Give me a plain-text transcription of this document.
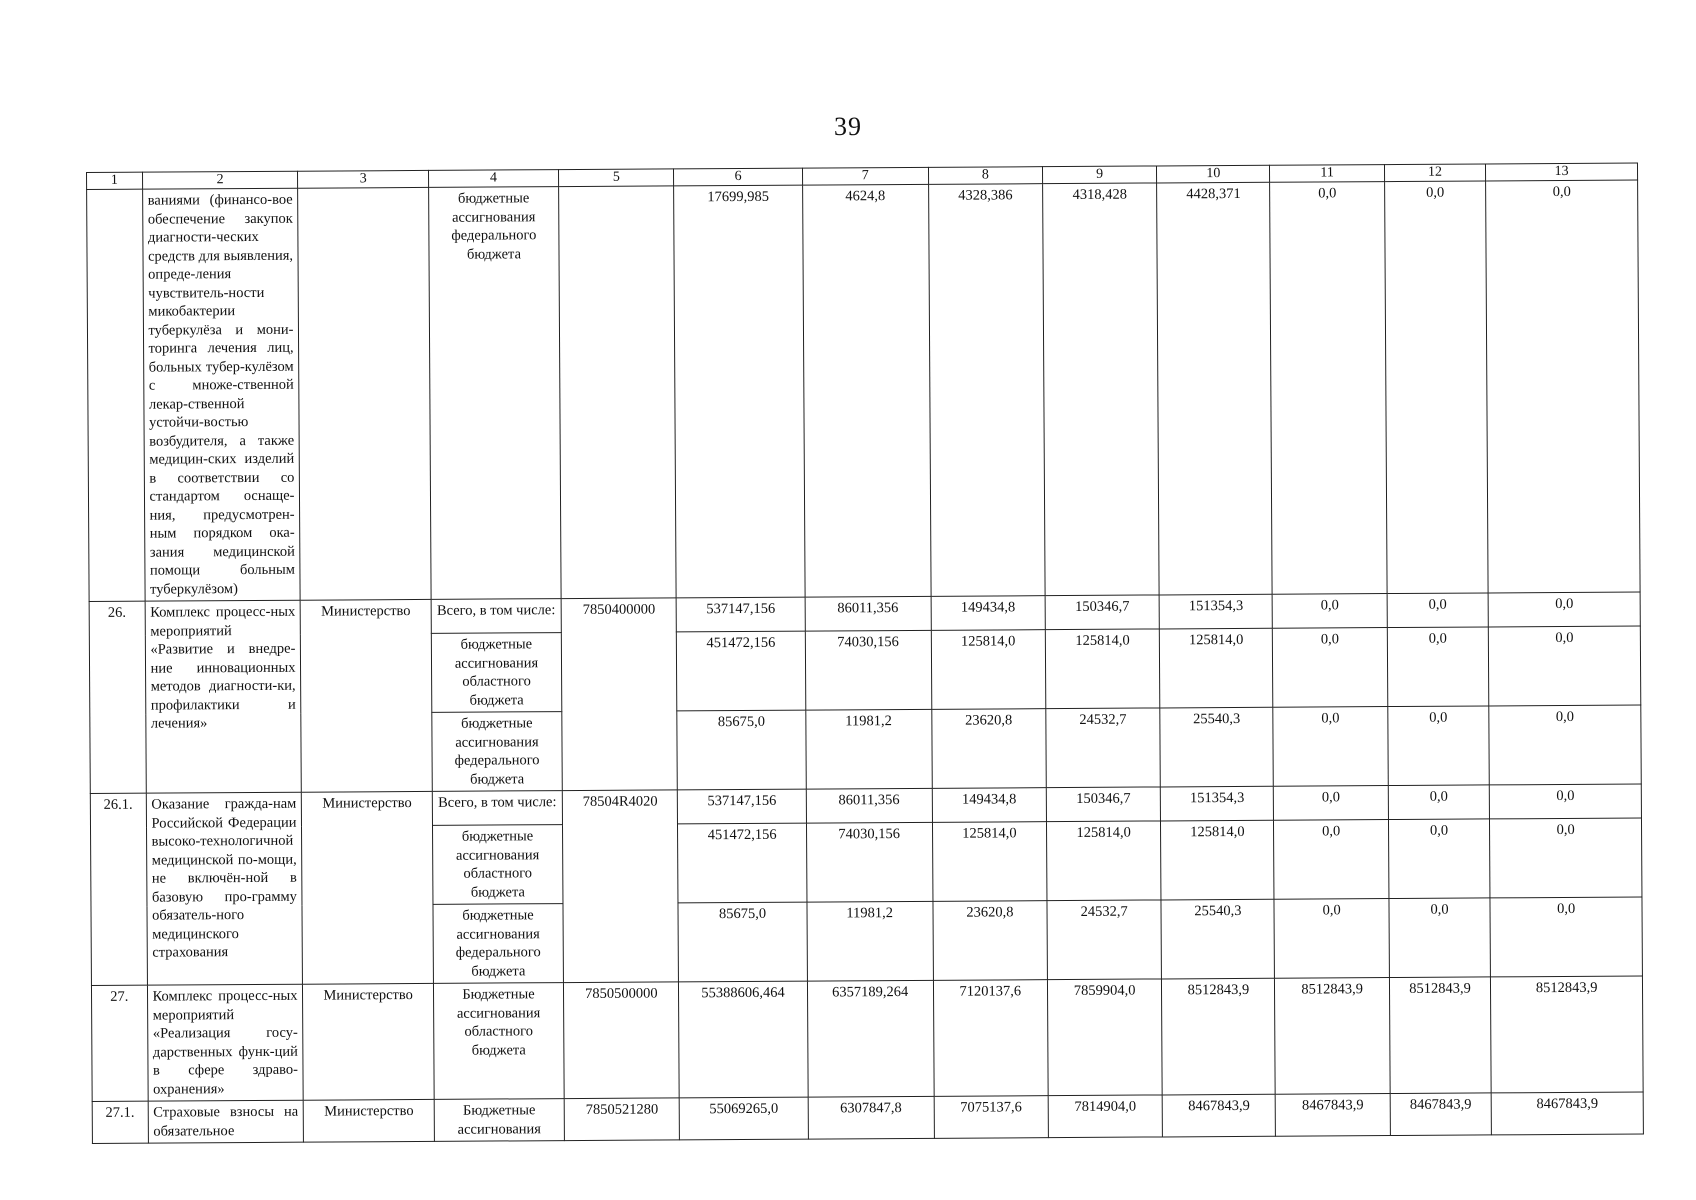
39
1	2	3	4	5	6	7	8	9	10	11	12	13
	ваниями (финансо-вое обеспечение закупок диагности-ческих средств для выявления, опреде-ления чувствитель-ности микобактерии туберкулёза и мони-торинга лечения лиц, больных тубер-кулёзом с множе-ственной лекар-ственной устойчи-востью возбудителя, а также медицин-ских изделий в соответствии со стандартом оснаще-ния, предусмотрен-ным порядком ока-зания медицинской помощи больным туберкулёзом)		бюджетные ассигнования федерального бюджета		17699,985	4624,8	4328,386	4318,428	4428,371	0,0	0,0	0,0
26.	Комплекс процесс-ных мероприятий «Развитие и внедре-ние инновационных методов диагности-ки, профилактики и лечения»	Министерство	Всего, в том числе:	7850400000	537147,156	86011,356	149434,8	150346,7	151354,3	0,0	0,0	0,0
			бюджетные ассигнования областного бюджета		451472,156	74030,156	125814,0	125814,0	125814,0	0,0	0,0	0,0
			бюджетные ассигнования федерального бюджета		85675,0	11981,2	23620,8	24532,7	25540,3	0,0	0,0	0,0
26.1.	Оказание гражда-нам Российской Федерации высоко-технологичной медицинской по-мощи, не включён-ной в базовую про-грамму обязатель-ного медицинского страхования	Министерство	Всего, в том числе:	78504R4020	537147,156	86011,356	149434,8	150346,7	151354,3	0,0	0,0	0,0
			бюджетные ассигнования областного бюджета		451472,156	74030,156	125814,0	125814,0	125814,0	0,0	0,0	0,0
			бюджетные ассигнования федерального бюджета		85675,0	11981,2	23620,8	24532,7	25540,3	0,0	0,0	0,0
27.	Комплекс процесс-ных мероприятий «Реализация госу-дарственных функ-ций в сфере здраво-охранения»	Министерство	Бюджетные ассигнования областного бюджета	7850500000	55388606,464	6357189,264	7120137,6	7859904,0	8512843,9	8512843,9	8512843,9	8512843,9
27.1.	Страховые взносы на обязательное	Министерство	Бюджетные ассигнования	7850521280	55069265,0	6307847,8	7075137,6	7814904,0	8467843,9	8467843,9	8467843,9	8467843,9
